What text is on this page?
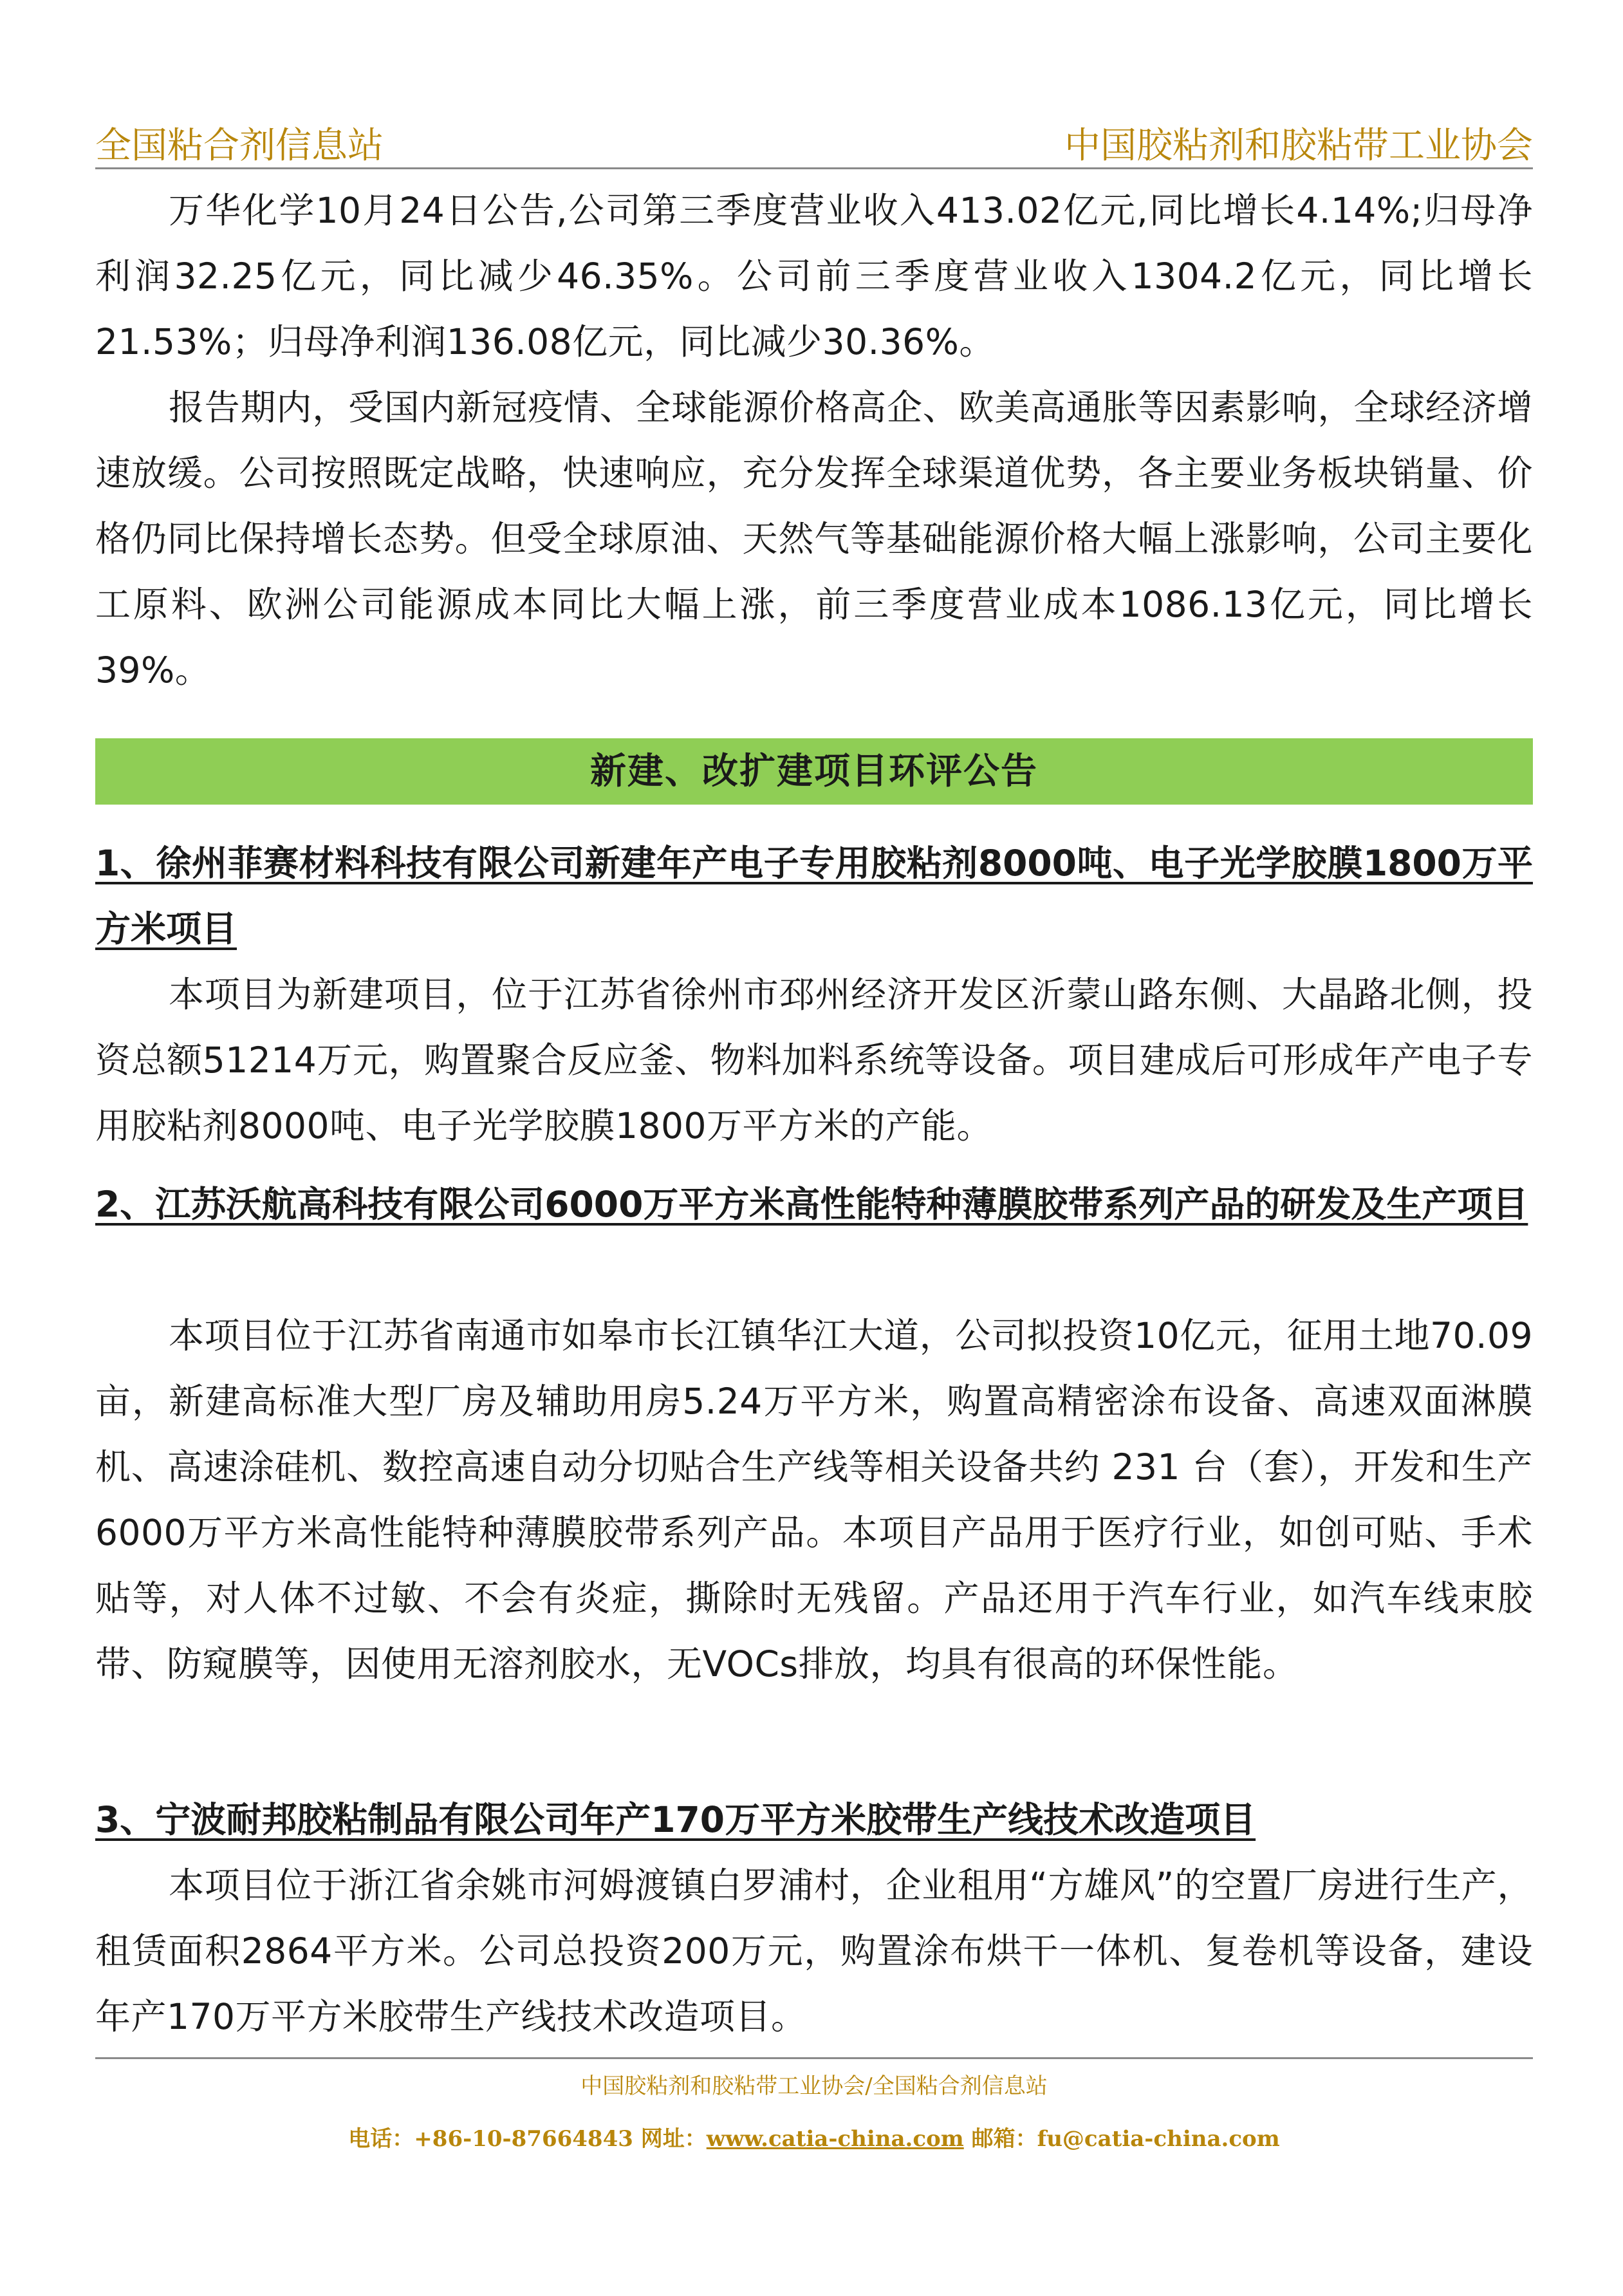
全国粘合剂信息站	中国胶粘剂和胶粘带工业协会
万华化学10月24日公告,公司第三季度营业收入413.02亿元,同比增长4.14%;归母净利润32.25亿元，同比减少46.35%。公司前三季度营业收入1304.2亿元，同比增长21.53%；归母净利润136.08亿元，同比减少30.36%。
报告期内，受国内新冠疫情、全球能源价格高企、欧美高通胀等因素影响，全球经济增速放缓。公司按照既定战略，快速响应，充分发挥全球渠道优势，各主要业务板块销量、价格仍同比保持增长态势。但受全球原油、天然气等基础能源价格大幅上涨影响，公司主要化工原料、欧洲公司能源成本同比大幅上涨，前三季度营业成本1086.13亿元，同比增长39%。
新建、改扩建项目环评公告
1、徐州菲赛材料科技有限公司新建年产电子专用胶粘剂8000吨、电子光学胶膜1800万平方米项目
本项目为新建项目，位于江苏省徐州市邳州经济开发区沂蒙山路东侧、大晶路北侧，投资总额51214万元，购置聚合反应釜、物料加料系统等设备。项目建成后可形成年产电子专用胶粘剂8000吨、电子光学胶膜1800万平方米的产能。
2、江苏沃航高科技有限公司6000万平方米高性能特种薄膜胶带系列产品的研发及生产项目
本项目位于江苏省南通市如皋市长江镇华江大道，公司拟投资10亿元，征用土地70.09亩，新建高标准大型厂房及辅助用房5.24万平方米，购置高精密涂布设备、高速双面淋膜机、高速涂硅机、数控高速自动分切贴合生产线等相关设备共约 231 台（套），开发和生产6000万平方米高性能特种薄膜胶带系列产品。本项目产品用于医疗行业，如创可贴、手术贴等，对人体不过敏、不会有炎症，撕除时无残留。产品还用于汽车行业，如汽车线束胶带、防窥膜等，因使用无溶剂胶水，无VOCs排放，均具有很高的环保性能。
3、宁波耐邦胶粘制品有限公司年产170万平方米胶带生产线技术改造项目
本项目位于浙江省余姚市河姆渡镇白罗浦村，企业租用“方雄风”的空置厂房进行生产，租赁面积2864平方米。公司总投资200万元，购置涂布烘干一体机、复卷机等设备，建设年产170万平方米胶带生产线技术改造项目。
中国胶粘剂和胶粘带工业协会/全国粘合剂信息站
电话：+86-10-87664843 网址：www.catia-china.com 邮箱：fu@catia-china.com
